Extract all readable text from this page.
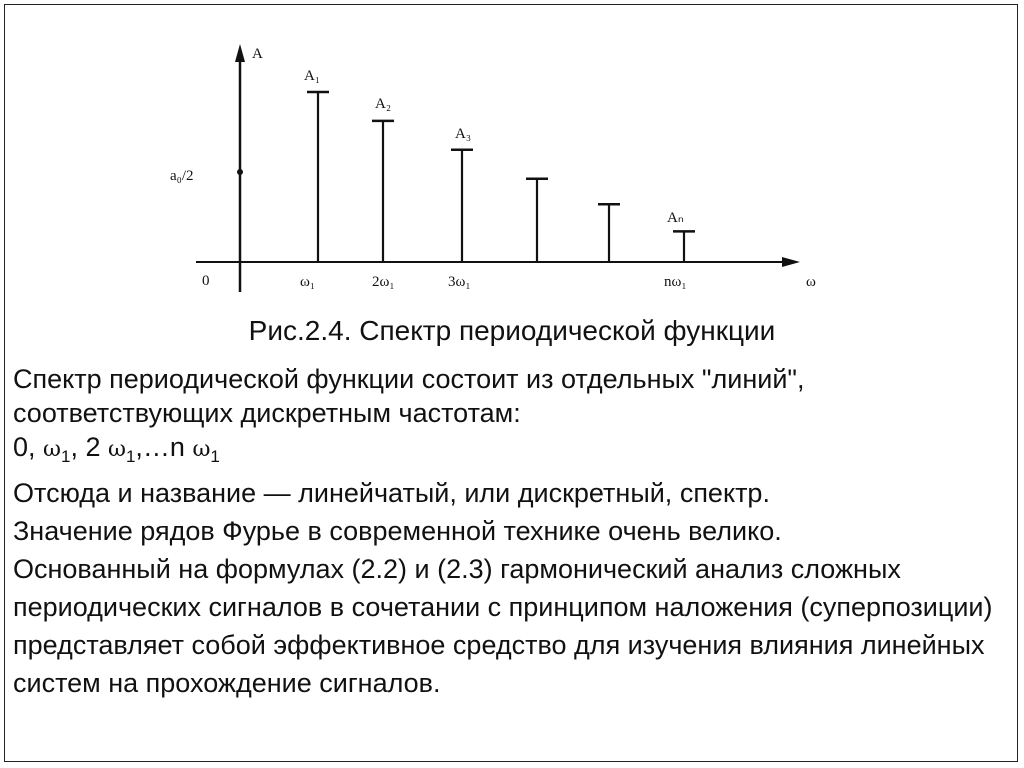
A
ω
a₀/2
0	ω₁	2ω₁	3ω₁	nω₁
A₁
A₂
A₃
Aₙ
Рис.2.4. Спектр периодической функции

Спектр периодической функции состоит из отдельных "линий", соответствующих дискретным частотам:

0, $\omega_1$, 2 $\omega_1,\dots n$ $\omega_1$

Отсюда и название — линейчатый, или дискретный, спектр.

Значение рядов Фурье в современной технике очень велико.

Основанный на формулах (2.2) и (2.3) гармонический анализ сложных периодических сигналов в сочетании с принципом наложения (суперпозиции) представляет собой эффективное средство для изучения влияния линейных систем на прохождение сигналов.
